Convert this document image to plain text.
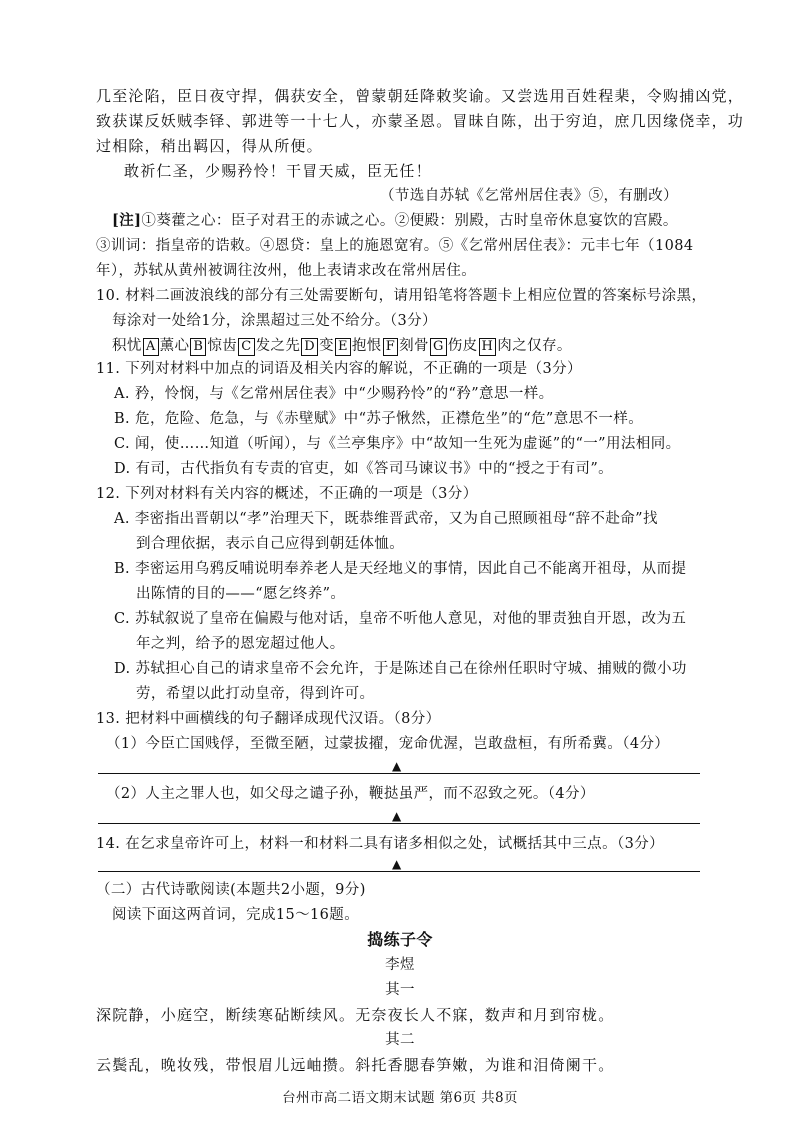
几至沦陷，臣日夜守捍，偶获安全，曾蒙朝廷降敕奖谕。又尝选用百姓程棐，令购捕凶党，
致获谋反妖贼李铎、郭进等一十七人，亦蒙圣恩。冒昧自陈，出于穷迫，庶几因缘侥幸，功
过相除，稍出羁囚，得从所便。
敢祈仁圣，少赐矜怜！干冒天威，臣无任！
（节选自苏轼《乞常州居住表》⑤，有删改）
[注]①葵藿之心：臣子对君王的赤诚之心。②便殿：别殿，古时皇帝休息宴饮的宫殿。
③训词：指皇帝的诰敕。④恩贷：皇上的施恩宽宥。⑤《乞常州居住表》：元丰七年（1084
年），苏轼从黄州被调往汝州，他上表请求改在常州居住。
10. 材料二画波浪线的部分有三处需要断句，请用铅笔将答题卡上相应位置的答案标号涂黑，
每涂对一处给1分，涂黑超过三处不给分。（3分）
积忧 A 薰心 B 惊齿 C 发之先 D 变 E 抱恨 F 刻骨 G 伤皮 H 肉之仅存。
11. 下列对材料中加点的词语及相关内容的解说，不正确的一项是（3分）
A. 矜，怜悯，与《乞常州居住表》中“少赐矜怜”的“矜”意思一样。
B. 危，危险、危急，与《赤壁赋》中“苏子愀然，正襟危坐”的“危”意思不一样。
C. 闻，使……知道（听闻），与《兰亭集序》中“故知一生死为虚诞”的“一”用法相同。
D. 有司，古代指负有专责的官吏，如《答司马谏议书》中的“授之于有司”。
12. 下列对材料有关内容的概述，不正确的一项是（3分）
A. 李密指出晋朝以“孝”治理天下，既恭维晋武帝，又为自己照顾祖母“辞不赴命”找
到合理依据，表示自己应得到朝廷体恤。
B. 李密运用乌鸦反哺说明奉养老人是天经地义的事情，因此自己不能离开祖母，从而提
出陈情的目的——“愿乞终养”。
C. 苏轼叙说了皇帝在偏殿与他对话，皇帝不听他人意见，对他的罪责独自开恩，改为五
年之判，给予的恩宠超过他人。
D. 苏轼担心自己的请求皇帝不会允许，于是陈述自己在徐州任职时守城、捕贼的微小功
劳，希望以此打动皇帝，得到许可。
13. 把材料中画横线的句子翻译成现代汉语。（8分）
（1）今臣亡国贱俘，至微至陋，过蒙拔擢，宠命优渥，岂敢盘桓，有所希冀。（4分）
▲
（2）人主之罪人也，如父母之谴子孙，鞭挞虽严，而不忍致之死。（4分）
▲
14. 在乞求皇帝许可上，材料一和材料二具有诸多相似之处，试概括其中三点。（3分）
▲
（二）古代诗歌阅读(本题共2小题，9分)
阅读下面这两首词，完成15～16题。
捣练子令
李煜
其一
深院静，小庭空，断续寒砧断续风。无奈夜长人不寐，数声和月到帘栊。
其二
云鬓乱，晚妆残，带恨眉儿远岫攒。斜托香腮春笋嫩，为谁和泪倚阑干。
台州市高二语文期末试题 第6页 共8页
